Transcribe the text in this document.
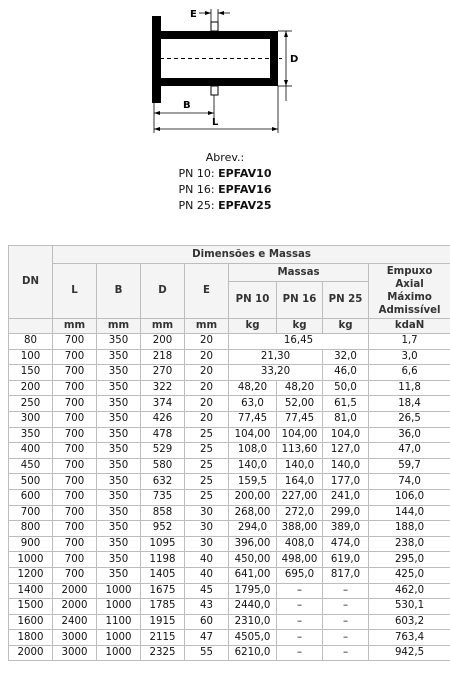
E
D
B
L
Abrev.:
PN 10: EPFAV10
PN 16: EPFAV16
PN 25: EPFAV25
DN	Dimensões e Massas							
	L	B	D	E	Massas			Empuxo
Axial
Máximo
Admissível

					PN 10	PN 16	PN 25	
	mm	mm	mm	mm	kg	kg	kg	kdaN
80	700	350	200	20	16,45			1,7
100	700	350	218	20	21,30		32,0	3,0
150	700	350	270	20	33,20		46,0	6,6
200	700	350	322	20	48,20	48,20	50,0	11,8
250	700	350	374	20	63,0	52,00	61,5	18,4
300	700	350	426	20	77,45	77,45	81,0	26,5
350	700	350	478	25	104,00	104,00	104,0	36,0
400	700	350	529	25	108,0	113,60	127,0	47,0
450	700	350	580	25	140,0	140,0	140,0	59,7
500	700	350	632	25	159,5	164,0	177,0	74,0
600	700	350	735	25	200,00	227,00	241,0	106,0
700	700	350	858	30	268,00	272,0	299,0	144,0
800	700	350	952	30	294,0	388,00	389,0	188,0
900	700	350	1095	30	396,00	408,0	474,0	238,0
1000	700	350	1198	40	450,00	498,00	619,0	295,0
1200	700	350	1405	40	641,00	695,0	817,0	425,0
1400	2000	1000	1675	45	1795,0	–	–	462,0
1500	2000	1000	1785	43	2440,0	–	–	530,1
1600	2400	1100	1915	60	2310,0	–	–	603,2
1800	3000	1000	2115	47	4505,0	–	–	763,4
2000	3000	1000	2325	55	6210,0	–	–	942,5
